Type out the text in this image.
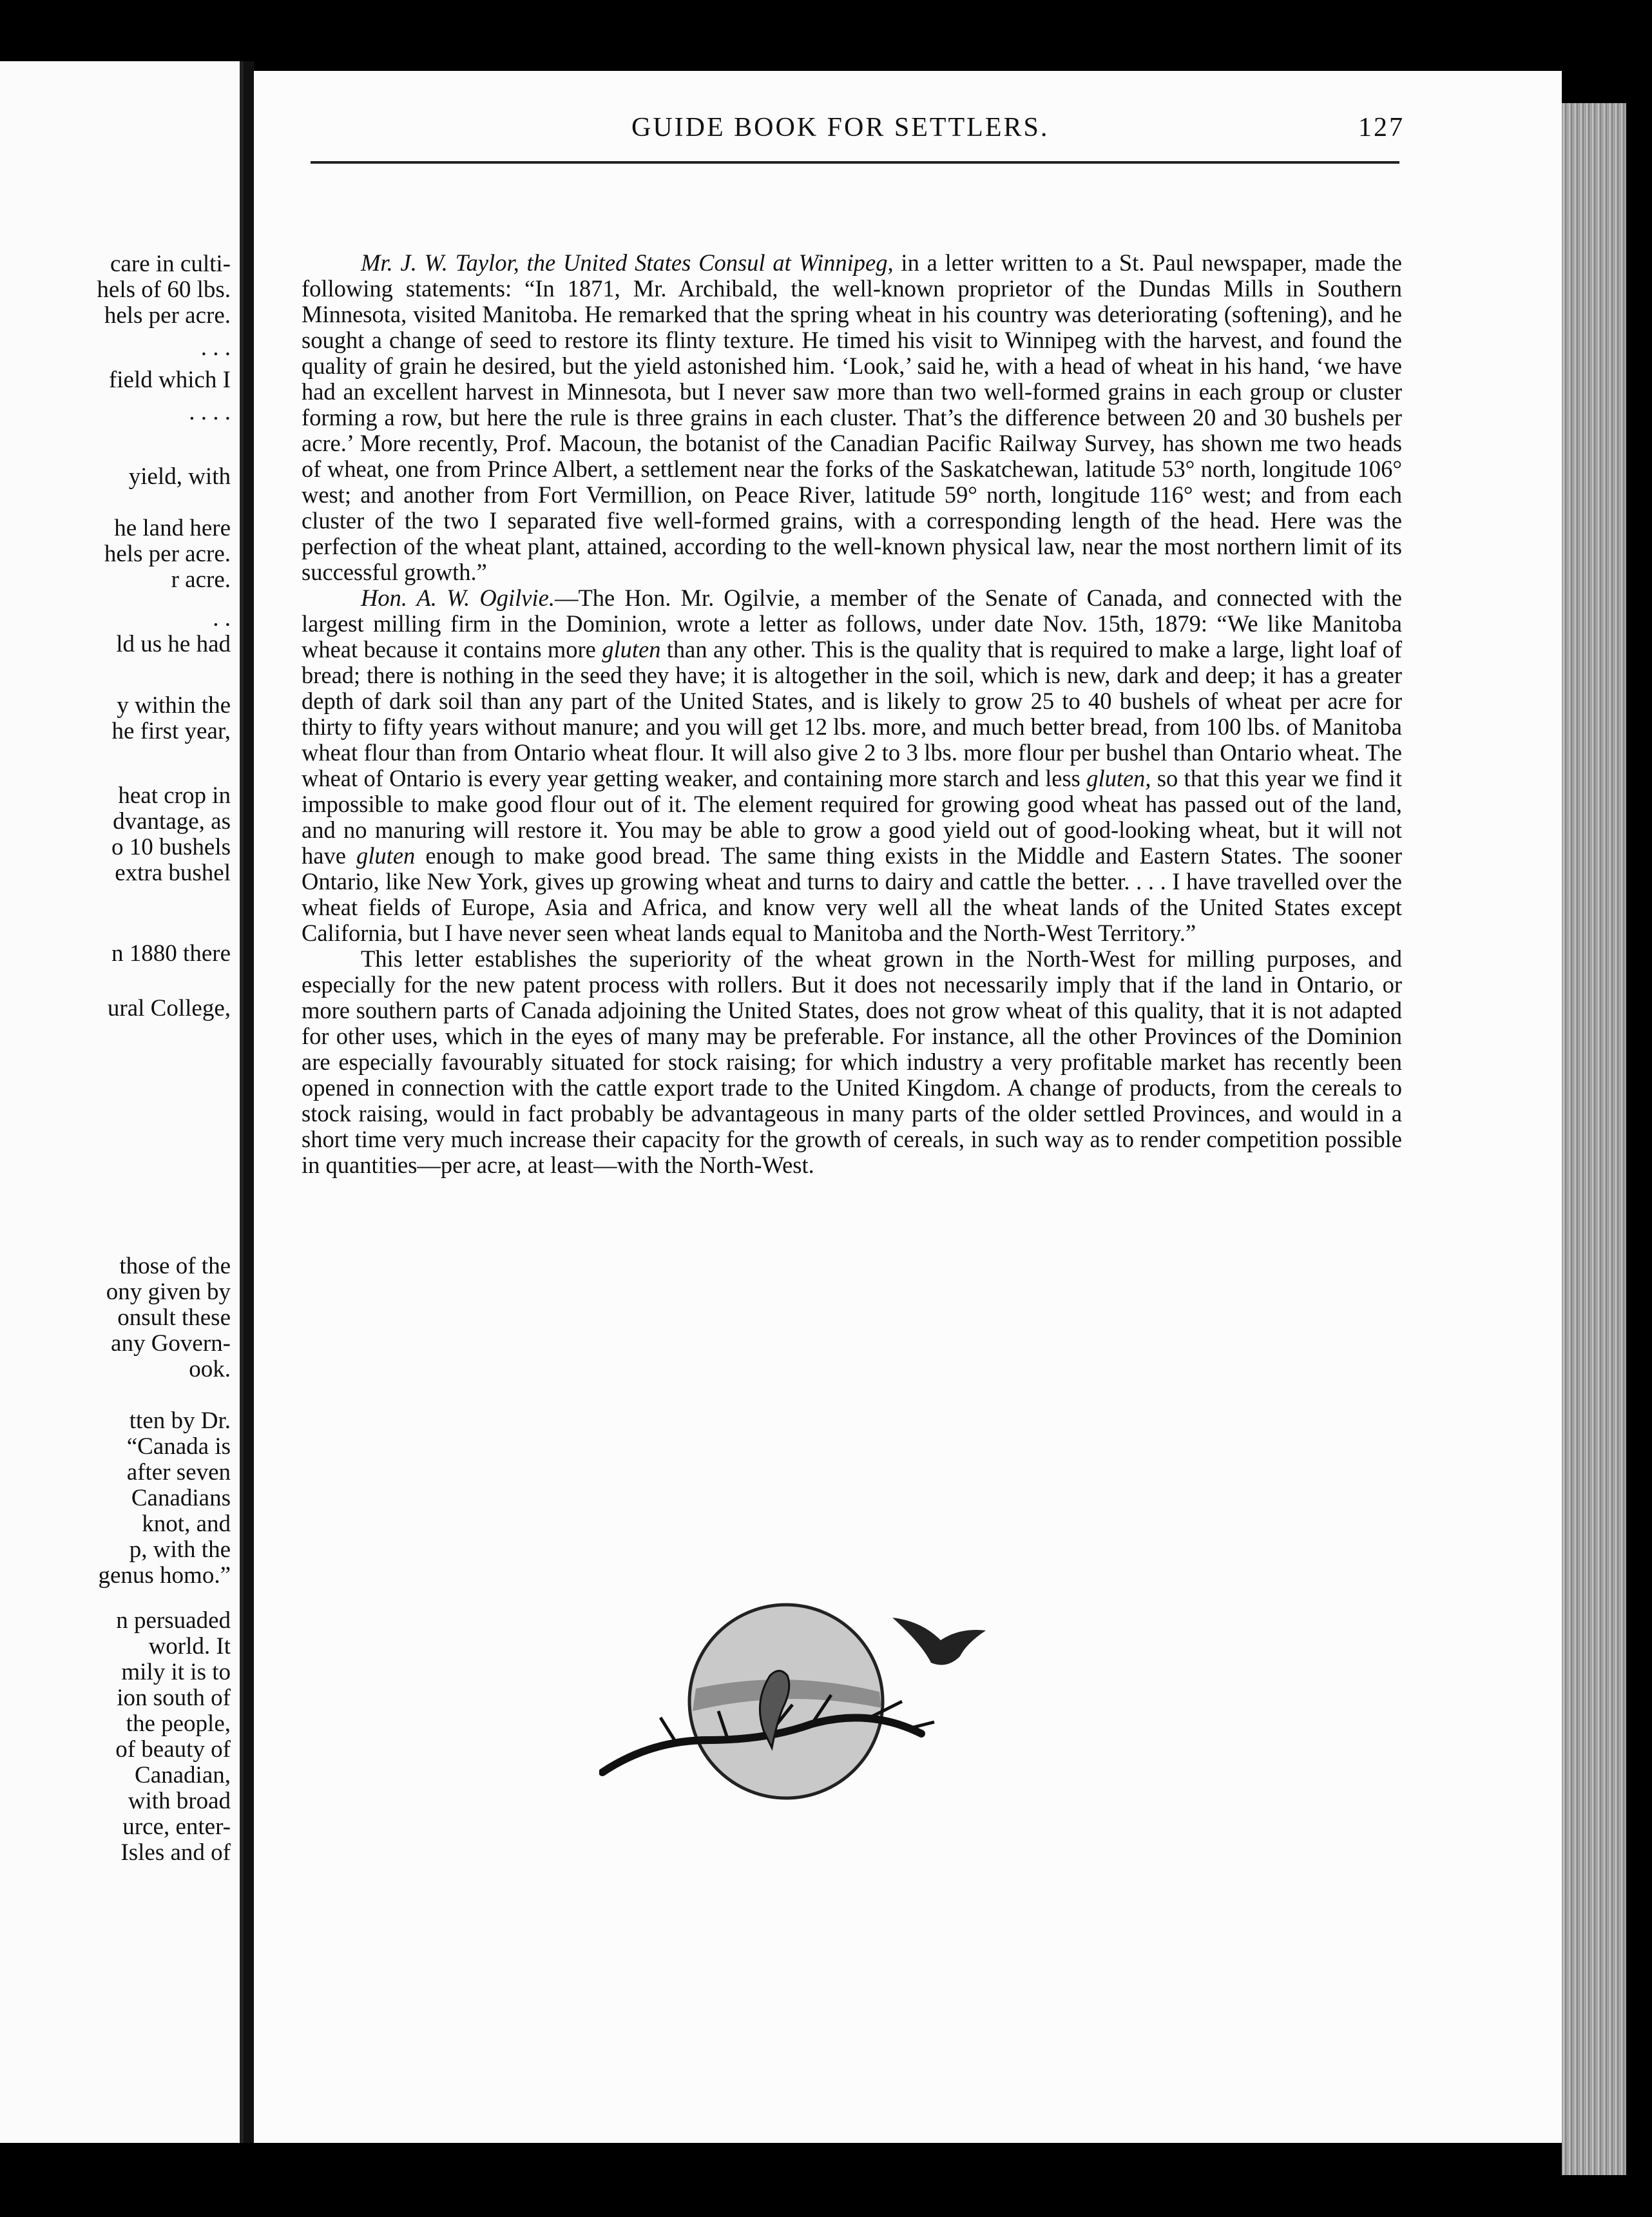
care in culti-
hels of 60 lbs.
hels per acre.
. . .
field which I
. . . .
yield, with
he land here
hels per acre.
r acre.
. .
ld us he had
y within the
he first year,
heat crop in
dvantage, as
o 10 bushels
extra bushel
n 1880 there
ural College,
those of the
ony given by
onsult these
any Govern-
ook.
tten by Dr.
“Canada is
after seven
Canadians
knot, and
p, with the
genus homo.”
n persuaded
world. It
mily it is to
ion south of
the people,
of beauty of
Canadian,
with broad
urce, enter-
Isles and of
GUIDE BOOK FOR SETTLERS.	127

Mr. J. W. Taylor, the United States Consul at Winnipeg, in a letter written to a St. Paul newspaper, made the following statements: “In 1871, Mr. Archibald, the well-known proprietor of the Dundas Mills in Southern Minnesota, visited Manitoba. He remarked that the spring wheat in his country was deteriorating (softening), and he sought a change of seed to restore its flinty texture. He timed his visit to Winnipeg with the harvest, and found the quality of grain he desired, but the yield astonished him. ‘Look,’ said he, with a head of wheat in his hand, ‘we have had an excellent harvest in Minnesota, but I never saw more than two well-formed grains in each group or cluster forming a row, but here the rule is three grains in each cluster. That’s the difference between 20 and 30 bushels per acre.’ More recently, Prof. Macoun, the botanist of the Canadian Pacific Railway Survey, has shown me two heads of wheat, one from Prince Albert, a settlement near the forks of the Saskatchewan, latitude 53° north, longitude 106° west; and another from Fort Vermillion, on Peace River, latitude 59° north, longitude 116° west; and from each cluster of the two I separated five well-formed grains, with a corresponding length of the head. Here was the perfection of the wheat plant, attained, according to the well-known physical law, near the most northern limit of its successful growth.”

Hon. A. W. Ogilvie.—The Hon. Mr. Ogilvie, a member of the Senate of Canada, and connected with the largest milling firm in the Dominion, wrote a letter as follows, under date Nov. 15th, 1879: “We like Manitoba wheat because it contains more gluten than any other. This is the quality that is required to make a large, light loaf of bread; there is nothing in the seed they have; it is altogether in the soil, which is new, dark and deep; it has a greater depth of dark soil than any part of the United States, and is likely to grow 25 to 40 bushels of wheat per acre for thirty to fifty years without manure; and you will get 12 lbs. more, and much better bread, from 100 lbs. of Manitoba wheat flour than from Ontario wheat flour. It will also give 2 to 3 lbs. more flour per bushel than Ontario wheat. The wheat of Ontario is every year getting weaker, and containing more starch and less gluten, so that this year we find it impossible to make good flour out of it. The element required for growing good wheat has passed out of the land, and no manuring will restore it. You may be able to grow a good yield out of good-looking wheat, but it will not have gluten enough to make good bread. The same thing exists in the Middle and Eastern States. The sooner Ontario, like New York, gives up growing wheat and turns to dairy and cattle the better. . . . I have travelled over the wheat fields of Europe, Asia and Africa, and know very well all the wheat lands of the United States except California, but I have never seen wheat lands equal to Manitoba and the North-West Territory.”

This letter establishes the superiority of the wheat grown in the North-West for milling purposes, and especially for the new patent process with rollers. But it does not necessarily imply that if the land in Ontario, or more southern parts of Canada adjoining the United States, does not grow wheat of this quality, that it is not adapted for other uses, which in the eyes of many may be preferable. For instance, all the other Provinces of the Dominion are especially favourably situated for stock raising; for which industry a very profitable market has recently been opened in connection with the cattle export trade to the United Kingdom. A change of products, from the cereals to stock raising, would in fact probably be advantageous in many parts of the older settled Provinces, and would in a short time very much increase their capacity for the growth of cereals, in such way as to render competition possible in quantities—per acre, at least—with the North-West.
